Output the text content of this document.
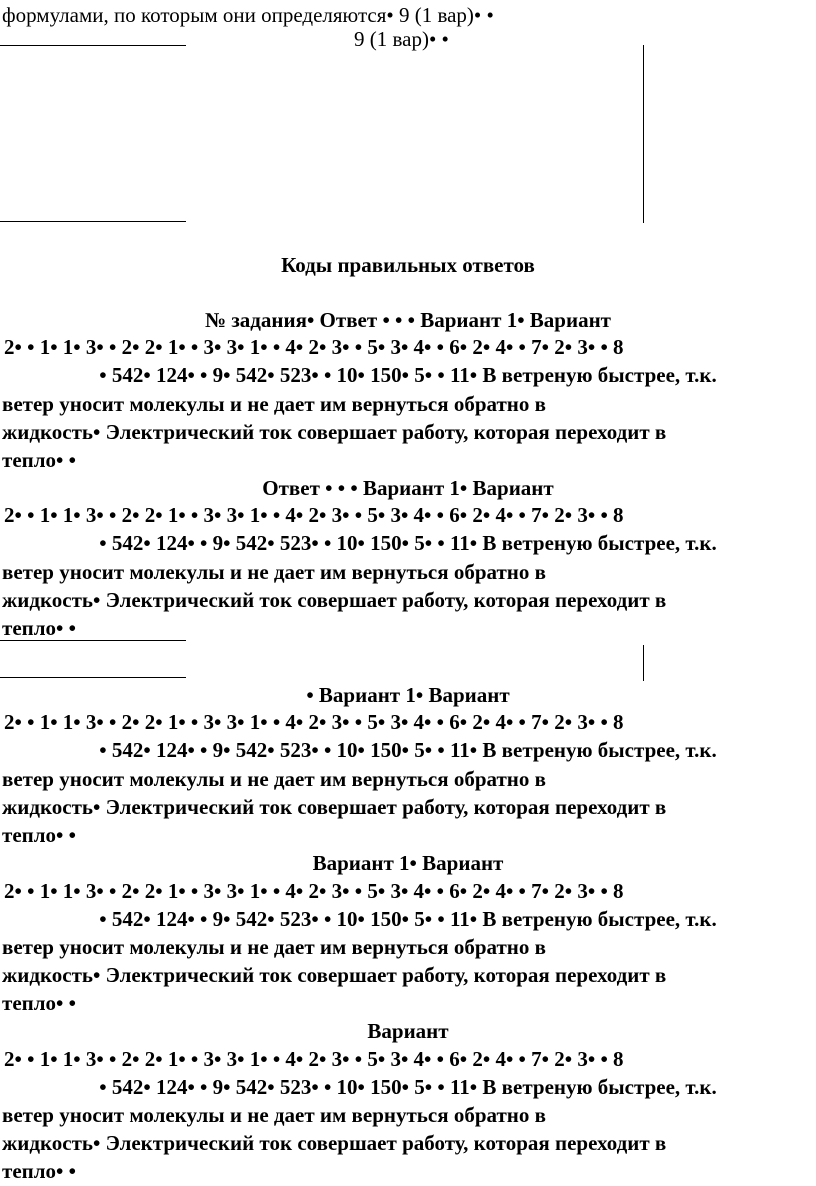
формулами, по которым они определяются• 9 (1 вар)• •
9 (1 вар)• •
Коды правильных ответов
№ задания• Ответ • • • Вариант 1• Вариант
2• • 1• 1• 3• • 2• 2• 1• • 3• 3• 1• • 4• 2• 3• • 5• 3• 4• • 6• 2• 4• • 7• 2• 3• • 8
• 542• 124• • 9• 542• 523• • 10• 150• 5• • 11• В ветреную быстрее, т.к.
ветер уносит молекулы и не дает им вернуться обратно в
жидкость• Электрический ток совершает работу, которая переходит в
тепло• •
Ответ • • • Вариант 1• Вариант
2• • 1• 1• 3• • 2• 2• 1• • 3• 3• 1• • 4• 2• 3• • 5• 3• 4• • 6• 2• 4• • 7• 2• 3• • 8
• 542• 124• • 9• 542• 523• • 10• 150• 5• • 11• В ветреную быстрее, т.к.
ветер уносит молекулы и не дает им вернуться обратно в
жидкость• Электрический ток совершает работу, которая переходит в
тепло• •
• Вариант 1• Вариант
2• • 1• 1• 3• • 2• 2• 1• • 3• 3• 1• • 4• 2• 3• • 5• 3• 4• • 6• 2• 4• • 7• 2• 3• • 8
• 542• 124• • 9• 542• 523• • 10• 150• 5• • 11• В ветреную быстрее, т.к.
ветер уносит молекулы и не дает им вернуться обратно в
жидкость• Электрический ток совершает работу, которая переходит в
тепло• •
Вариант 1• Вариант
2• • 1• 1• 3• • 2• 2• 1• • 3• 3• 1• • 4• 2• 3• • 5• 3• 4• • 6• 2• 4• • 7• 2• 3• • 8
• 542• 124• • 9• 542• 523• • 10• 150• 5• • 11• В ветреную быстрее, т.к.
ветер уносит молекулы и не дает им вернуться обратно в
жидкость• Электрический ток совершает работу, которая переходит в
тепло• •
Вариант
2• • 1• 1• 3• • 2• 2• 1• • 3• 3• 1• • 4• 2• 3• • 5• 3• 4• • 6• 2• 4• • 7• 2• 3• • 8
• 542• 124• • 9• 542• 523• • 10• 150• 5• • 11• В ветреную быстрее, т.к.
ветер уносит молекулы и не дает им вернуться обратно в
жидкость• Электрический ток совершает работу, которая переходит в
тепло• •
